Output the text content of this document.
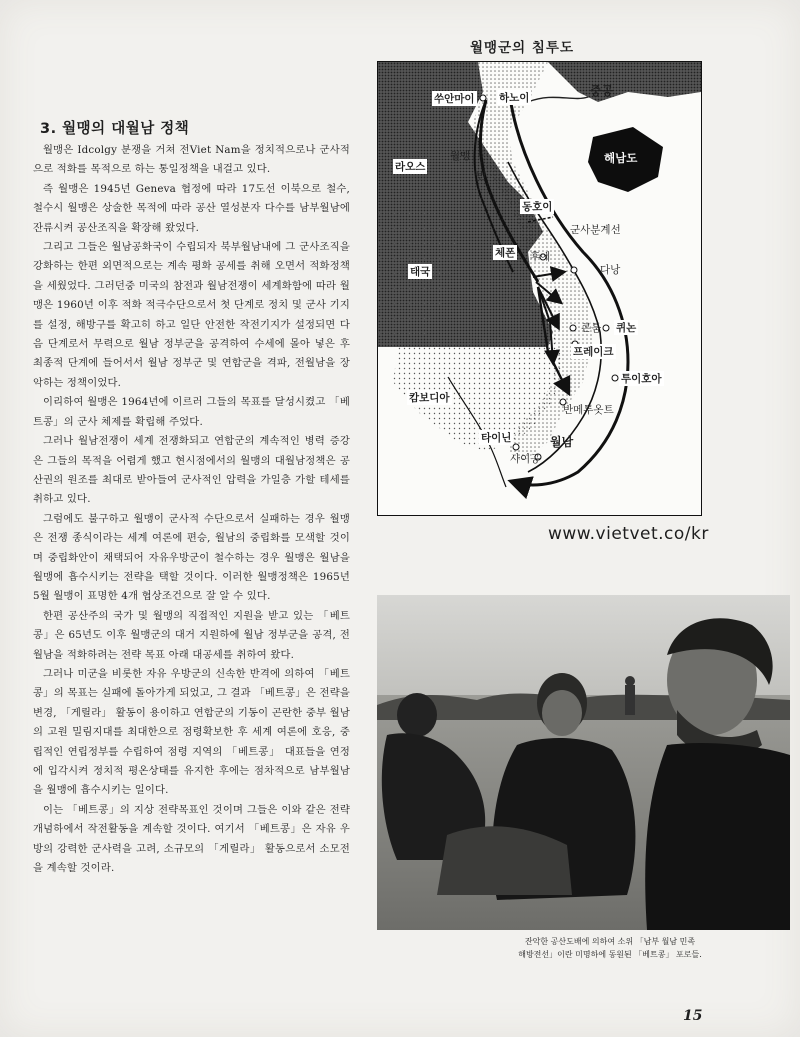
3. 월맹의 대월남 정책

월맹은 Idcolgy 분쟁을 거쳐 전Viet Nam을 정치적으로나 군사적으로 적화를 목적으로 하는 통일정책을 내걸고 있다.

즉 월맹은 1945년 Geneva 협정에 따라 17도선 이북으로 철수, 철수시 월맹은 상술한 목적에 따라 공산 열성분자 다수를 남부월남에 잔류시켜 공산조직을 확장해 왔었다.

그리고 그들은 월남공화국이 수립되자 북부월남내에 그 군사조직을 강화하는 한편 외면적으로는 계속 평화 공세를 취해 오면서 적화정책을 세웠었다. 그러던중 미국의 참전과 월남전쟁이 세계화함에 따라 월맹은 1960년 이후 적화 적극수단으로서 첫 단계로 정치 및 군사 기지를 설정, 해방구를 확고히 하고 일단 안전한 작전기지가 설정되면 다음 단계로서 무력으로 월남 정부군을 공격하여 수세에 몰아 넣은 후 최종적 단계에 들어서서 월남 정부군 및 연합군을 격파, 전월남을 장악하는 정책이었다.

이리하여 월맹은 1964년에 이르러 그들의 목표를 달성시켰고 「베트콩」의 군사 체제를 확립해 주었다.

그러나 월남전쟁이 세계 전쟁화되고 연합군의 계속적인 병력 증강은 그들의 목적을 어렵게 했고 현시점에서의 월맹의 대월남정책은 공산권의 원조를 최대로 받아들여 군사적인 압력을 가일층 가할 테세를 취하고 있다.

그럼에도 불구하고 월맹이 군사적 수단으로서 실패하는 경우 월맹은 전쟁 종식이라는 세계 여론에 편승, 월남의 중립화를 모색할 것이며 중립화안이 채택되어 자유우방군이 철수하는 경우 월맹은 월남을 월맹에 흡수시키는 전략을 택할 것이다. 이러한 월맹정책은 1965년 5월 월맹이 표명한 4개 협상조건으로 잘 알 수 있다.

한편 공산주의 국가 및 월맹의 직접적인 지원을 받고 있는 「베트콩」은 65년도 이후 월맹군의 대거 지원하에 월남 정부군을 공격, 전월남을 적화하려는 전략 목표 아래 대공세를 취하여 왔다.

그러나 미군을 비롯한 자유 우방군의 신속한 반격에 의하여 「베트콩」의 목표는 실패에 돌아가게 되었고, 그 결과 「베트콩」은 전략을 변경, 「게릴라」 활동이 용이하고 연합군의 기동이 곤란한 중부 월남의 고원 밀림지대를 최대한으로 점령확보한 후 세계 여론에 호응, 중립적인 연립정부를 수립하여 점령 지역의 「베트콩」 대표들을 연정에 입각시켜 정치적 평온상태를 유지한 후에는 점차적으로 남부월남을 월맹에 흡수시키는 일이다.

이는 「베트콩」의 지상 전략목표인 것이며 그들은 이와 같은 전략 개념하에서 작전활동을 계속할 것이다. 여기서 「베트콩」은 자유 우방의 강력한 군사력을 고려, 소규모의 「게릴라」 활동으로서 소모전을 계속할 것이라.

월맹군의 침투도
쑤안마이 하노이	중공
해남도
라오스
월맹
빈
동호이
군사분계선
체폰 후에
다낭
태국
콘툼 퀴논
프레이크
투이호아
캄보디아
반메투옷트
타이닌	월남
사이공
www.vietvet.co/kr
잔악한 공산도배에 의하여 소위 「남부 월남 민족
해방전선」이란 미명하에 동원된 「베트콩」 포로들.
15
